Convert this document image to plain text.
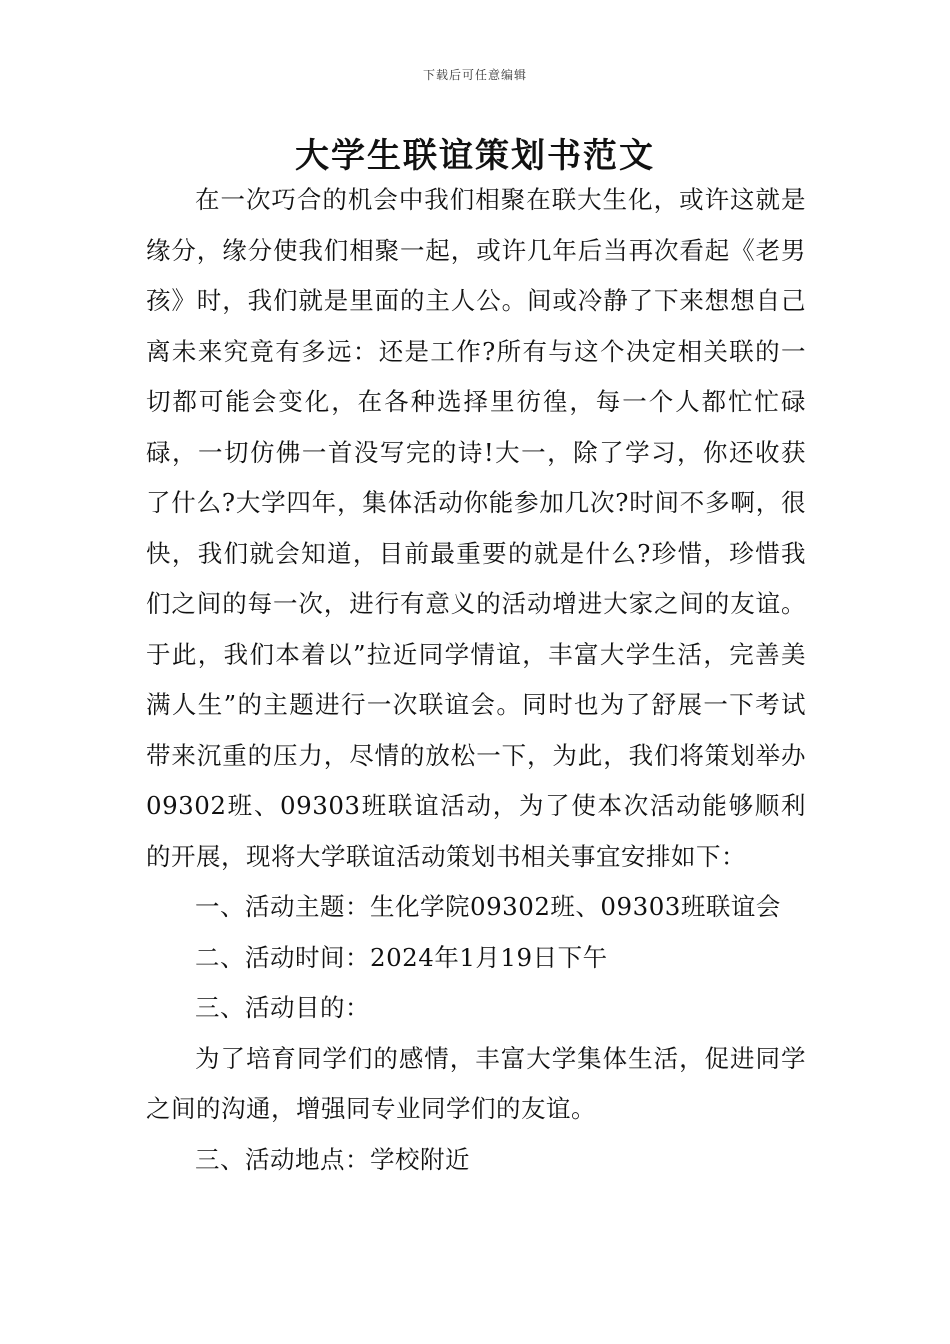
下载后可任意编辑
大学生联谊策划书范文

在一次巧合的机会中我们相聚在联大生化，或许这就是缘分，缘分使我们相聚一起，或许几年后当再次看起《老男孩》时，我们就是里面的主人公。间或冷静了下来想想自己离未来究竟有多远：还是工作?所有与这个决定相关联的一切都可能会变化，在各种选择里彷徨，每一个人都忙忙碌碌，一切仿佛一首没写完的诗!大一，除了学习，你还收获了什么?大学四年，集体活动你能参加几次?时间不多啊，很快，我们就会知道，目前最重要的就是什么?珍惜，珍惜我们之间的每一次，进行有意义的活动增进大家之间的友谊。于此，我们本着以”拉近同学情谊，丰富大学生活，完善美满人生”的主题进行一次联谊会。同时也为了舒展一下考试带来沉重的压力，尽情的放松一下，为此，我们将策划举办09302班、09303班联谊活动，为了使本次活动能够顺利的开展，现将大学联谊活动策划书相关事宜安排如下：

一、活动主题：生化学院09302班、09303班联谊会

二、活动时间：2024年1月19日下午

三、活动目的：

为了培育同学们的感情，丰富大学集体生活，促进同学之间的沟通，增强同专业同学们的友谊。

三、活动地点：学校附近
